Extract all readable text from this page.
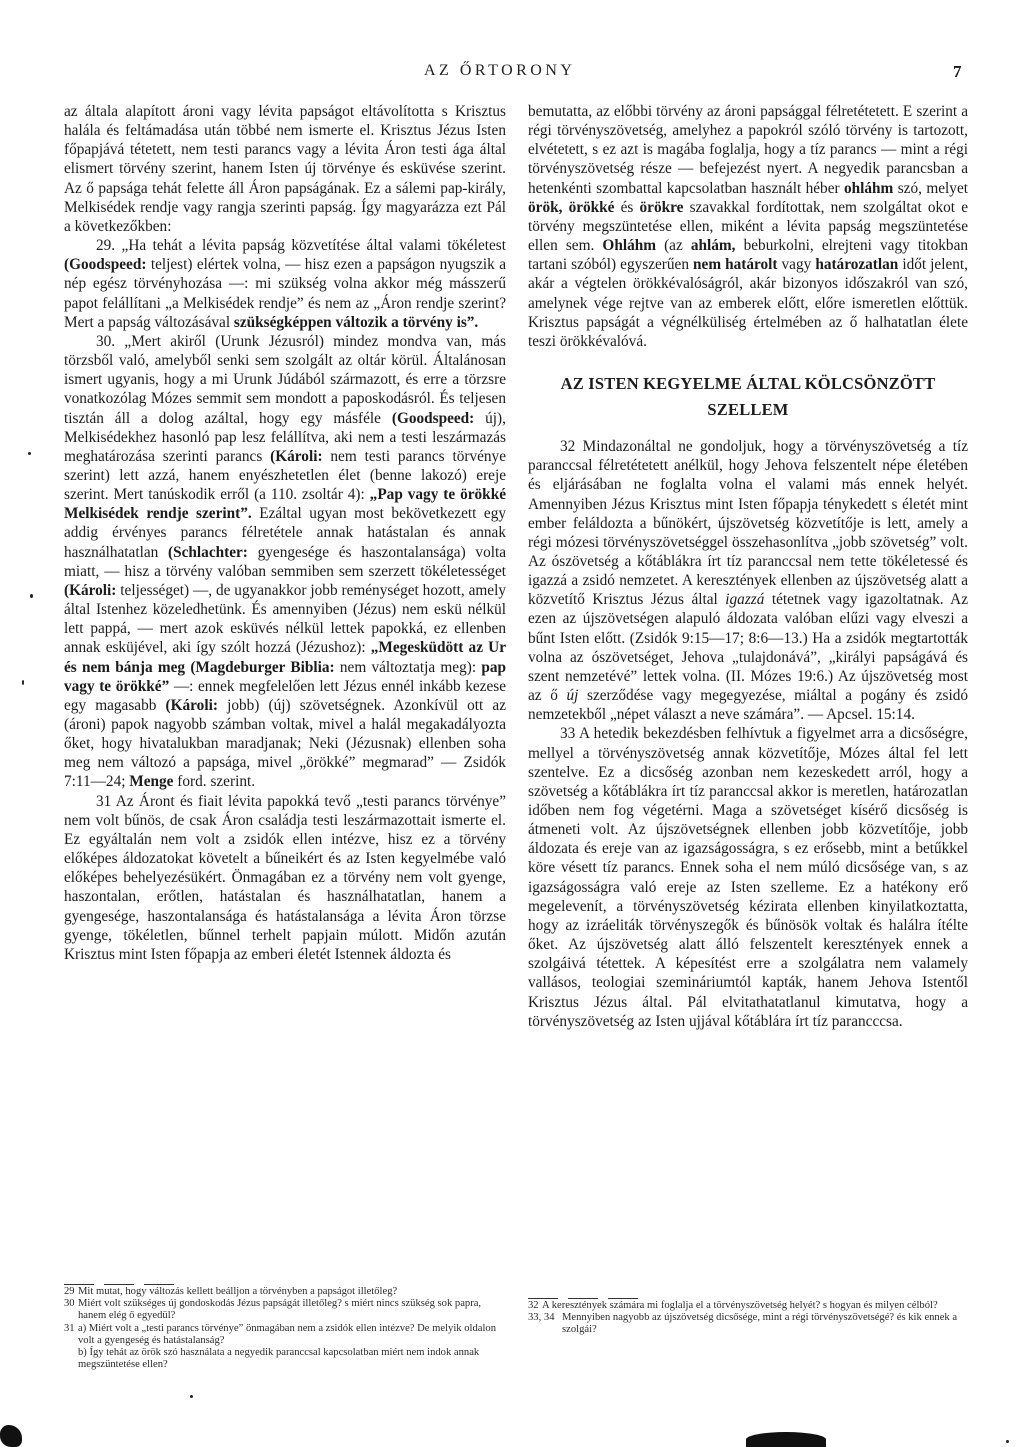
AZ ŐRTORONY	7

az általa alapított ároni vagy lévita papságot eltávolította s Krisztus halála és feltámadása után többé nem ismerte el. Krisztus Jézus Isten főpapjává tétetett, nem testi parancs vagy a lévita Áron testi ága által elismert törvény szerint, hanem Isten új törvénye és esküvése szerint. Az ő papsága tehát felette áll Áron papságának. Ez a sálemi pap-király, Melkisédek rendje vagy rangja szerinti papság. Így magyarázza ezt Pál a következőkben:

29. „Ha tehát a lévita papság közvetítése által valami tökéletest (Goodspeed: teljest) elértek volna, — hisz ezen a papságon nyugszik a nép egész törvényhozása —: mi szükség volna akkor még másszerű papot felállítani „a Melkisédek rendje” és nem az „Áron rendje szerint? Mert a papság változásával szükségképpen változik a törvény is”.

30. „Mert akiről (Urunk Jézusról) mindez mondva van, más törzsből való, amelyből senki sem szolgált az oltár körül. Általánosan ismert ugyanis, hogy a mi Urunk Júdából származott, és erre a törzsre vonatkozólag Mózes semmit sem mondott a paposkodásról. És teljesen tisztán áll a dolog azáltal, hogy egy másféle (Goodspeed: új), Melkisédekhez hasonló pap lesz felállítva, aki nem a testi leszármazás meghatározása szerinti parancs (Károli: nem testi parancs törvénye szerint) lett azzá, hanem enyészhetetlen élet (benne lakozó) ereje szerint. Mert tanúskodik erről (a 110. zsoltár 4): „Pap vagy te örökké Melkisédek rendje szerint”. Ezáltal ugyan most bekövetkezett egy addig érvényes parancs félretétele annak hatástalan és annak használhatatlan (Schlachter: gyengesége és haszontalansága) volta miatt, — hisz a törvény valóban semmiben sem szerzett tökéletességet (Károli: teljességet) —, de ugyanakkor jobb reménységet hozott, amely által Istenhez közeledhetünk. És amennyiben (Jézus) nem eskü nélkül lett pappá, — mert azok esküvés nélkül lettek papokká, ez ellenben annak esküjével, aki így szólt hozzá (Jézushoz): „Megesküdött az Ur és nem bánja meg (Magdeburger Biblia: nem változtatja meg): pap vagy te örökké” —: ennek megfelelően lett Jézus ennél inkább kezese egy magasabb (Károli: jobb) (új) szövetségnek. Azonkívül ott az (ároni) papok nagyobb számban voltak, mivel a halál megakadályozta őket, hogy hivatalukban maradjanak; Neki (Jézusnak) ellenben soha meg nem változó a papsága, mivel „örökké” megmarad” — Zsidók 7:11—24; Menge ford. szerint.

31 Az Áront és fiait lévita papokká tevő „testi parancs törvénye” nem volt bűnös, de csak Áron családja testi leszármazottait ismerte el. Ez egyáltalán nem volt a zsidók ellen intézve, hisz ez a törvény előképes áldozatokat követelt a bűneikért és az Isten kegyelmébe való előképes behelyezésükért. Önmagában ez a törvény nem volt gyenge, haszontalan, erőtlen, hatástalan és használhatatlan, hanem a gyengesége, haszontalansága és hatástalansága a lévita Áron törzse gyenge, tökéletlen, bűnnel terhelt papjain múlott. Midőn azután Krisztus mint Isten főpapja az emberi életét Istennek áldozta és

29 Mit mutat, hogy változás kellett beálljon a törvényben a papságot illetőleg?

30 Miért volt szükséges új gondoskodás Jézus papságát illetőleg? s miért nincs szükség sok papra, hanem elég ő egyedül?

31 a) Miért volt a „testi parancs törvénye” önmagában nem a zsidók ellen intézve? De melyik oldalon volt a gyengeség és hatástalanság?

b) Így tehát az örök szó használata a negyedik paranccsal kapcsolatban miért nem indok annak megszüntetése ellen?

bemutatta, az előbbi törvény az ároni papsággal félretétetett. E szerint a régi törvényszövetség, amelyhez a papokról szóló törvény is tartozott, elvétetett, s ez azt is magába foglalja, hogy a tíz parancs — mint a régi törvényszövetség része — befejezést nyert. A negyedik parancsban a hetenkénti szombattal kapcsolatban használt héber ohláhm szó, melyet örök, örökké és örökre szavakkal fordítottak, nem szolgáltat okot e törvény megszüntetése ellen, miként a lévita papság megszüntetése ellen sem. Ohláhm (az ahlám, beburkolni, elrejteni vagy titokban tartani szóból) egyszerűen nem határolt vagy határozatlan időt jelent, akár a végtelen örökkévalóságról, akár bizonyos időszakról van szó, amelynek vége rejtve van az emberek előtt, előre ismeretlen előttük. Krisztus papságát a végnélküliség értelmében az ő halhatatlan élete teszi örökkévalóvá.

AZ ISTEN KEGYELME ÁLTAL KÖLCSÖNZÖTT SZELLEM

32 Mindazonáltal ne gondoljuk, hogy a törvényszövetség a tíz paranccsal félretétetett anélkül, hogy Jehova felszentelt népe életében és eljárásában ne foglalta volna el valami más ennek helyét. Amennyiben Jézus Krisztus mint Isten főpapja ténykedett s életét mint ember feláldozta a bűnökért, újszövetség közvetítője is lett, amely a régi mózesi törvényszövetséggel összehasonlítva „jobb szövetség” volt. Az ószövetség a kőtáblákra írt tíz paranccsal nem tette tökéletessé és igazzá a zsidó nemzetet. A keresztények ellenben az újszövetség alatt a közvetítő Krisztus Jézus által igazzá tétetnek vagy igazoltatnak. Az ezen az újszövetségen alapuló áldozata valóban elűzi vagy elveszi a bűnt Isten előtt. (Zsidók 9:15—17; 8:6—13.) Ha a zsidók megtartották volna az ószövetséget, Jehova „tulajdonává”, „királyi papságává és szent nemzetévé” lettek volna. (II. Mózes 19:6.) Az újszövetség most az ő új szerződése vagy megegyezése, miáltal a pogány és zsidó nemzetekből „népet választ a neve számára”. — Apcsel. 15:14.

33 A hetedik bekezdésben felhívtuk a figyelmet arra a dicsőségre, mellyel a törvényszövetség annak közvetítője, Mózes által fel lett szentelve. Ez a dicsőség azonban nem kezeskedett arról, hogy a szövetség a kőtáblákra írt tíz paranccsal akkor is meretlen, határozatlan időben nem fog végetérni. Maga a szövetséget kísérő dicsőség is átmeneti volt. Az újszövetségnek ellenben jobb közvetítője, jobb áldozata és ereje van az igazságosságra, s ez erősebb, mint a betűkkel köre vésett tíz parancs. Ennek soha el nem múló dicsősége van, s az igazságosságra való ereje az Isten szelleme. Ez a hatékony erő megelevenít, a törvényszövetség kézirata ellenben kinyilatkoztatta, hogy az izráeliták törvényszegők és bűnösök voltak és halálra ítélte őket. Az újszövetség alatt álló felszentelt keresztények ennek a szolgáivá tétettek. A képesítést erre a szolgálatra nem valamely vallásos, teologiai szemináriumtól kapták, hanem Jehova Istentől Krisztus Jézus által. Pál elvitathatatlanul kimutatva, hogy a törvényszövetség az Isten ujjával kőtáblára írt tíz parancccsa.

32 A keresztények számára mi foglalja el a törvényszövetség helyét? s hogyan és milyen célból?

33, 34 Mennyiben nagyobb az újszövetség dicsősége, mint a régi törvényszövetségé? és kik ennek a szolgái?
